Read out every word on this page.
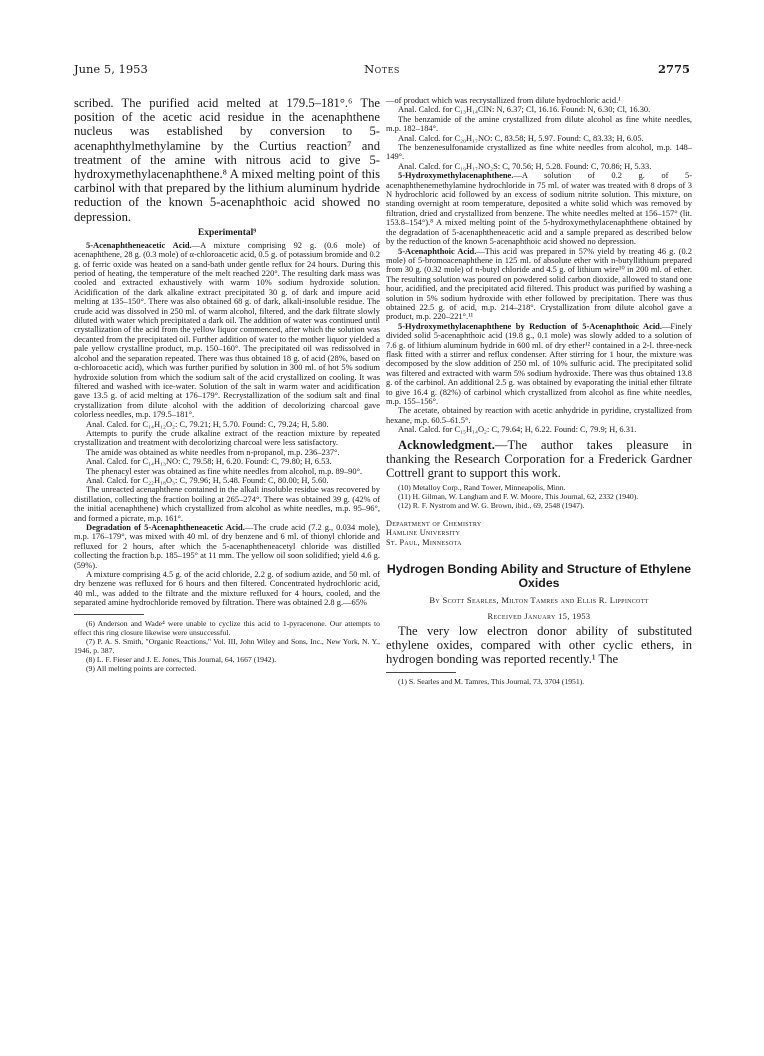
June 5, 1953	Notes	2775

scribed. The purified acid melted at 179.5–181°.⁶ The position of the acetic acid residue in the acenaphthene nucleus was established by conversion to 5-acenaphthylmethylamine by the Curtius reaction⁷ and treatment of the amine with nitrous acid to give 5-hydroxymethylacenaphthene.⁸ A mixed melting point of this carbinol with that prepared by the lithium aluminum hydride reduction of the known 5-acenaphthoic acid showed no depression.

Experimental⁹

5-Acenaphtheneacetic Acid.—A mixture comprising 92 g. (0.6 mole) of acenaphthene, 28 g. (0.3 mole) of α-chloroacetic acid, 0.5 g. of potassium bromide and 0.2 g. of ferric oxide was heated on a sand-bath under gentle reflux for 24 hours. During this period of heating, the temperature of the melt reached 220°. The resulting dark mass was cooled and extracted exhaustively with warm 10% sodium hydroxide solution. Acidification of the dark alkaline extract precipitated 30 g. of dark and impure acid melting at 135–150°. There was also obtained 68 g. of dark, alkali-insoluble residue. The crude acid was dissolved in 250 ml. of warm alcohol, filtered, and the dark filtrate slowly diluted with water which precipitated a dark oil. The addition of water was continued until crystallization of the acid from the yellow liquor commenced, after which the solution was decanted from the precipitated oil. Further addition of water to the mother liquor yielded a pale yellow crystalline product, m.p. 150–160°. The precipitated oil was redissolved in alcohol and the separation repeated. There was thus obtained 18 g. of acid (28%, based on α-chloroacetic acid), which was further purified by solution in 300 ml. of hot 5% sodium hydroxide solution from which the sodium salt of the acid crystallized on cooling. It was filtered and washed with ice-water. Solution of the salt in warm water and acidification gave 13.5 g. of acid melting at 176–179°. Recrystallization of the sodium salt and final crystallization from dilute alcohol with the addition of decolorizing charcoal gave colorless needles, m.p. 179.5–181°.

Anal. Calcd. for C₁₄H₁₂O₂: C, 79.21; H, 5.70. Found: C, 79.24; H, 5.80.

Attempts to purify the crude alkaline extract of the reaction mixture by repeated crystallization and treatment with decolorizing charcoal were less satisfactory.

The amide was obtained as white needles from n-propanol, m.p. 236–237°.

Anal. Calcd. for C₁₄H₁₃NO: C, 79.58; H, 6.20. Found: C, 79.80; H, 6.53.

The phenacyl ester was obtained as fine white needles from alcohol, m.p. 89–90°.

Anal. Calcd. for C₂₂H₁₈O₃: C, 79.96; H, 5.48. Found: C, 80.00; H, 5.60.

The unreacted acenaphthene contained in the alkali insoluble residue was recovered by distillation, collecting the fraction boiling at 265–274°. There was obtained 39 g. (42% of the initial acenaphthene) which crystallized from alcohol as white needles, m.p. 95–96°, and formed a picrate, m.p. 161°.

Degradation of 5-Acenaphtheneacetic Acid.—The crude acid (7.2 g., 0.034 mole), m.p. 176–179°, was mixed with 40 ml. of dry benzene and 6 ml. of thionyl chloride and refluxed for 2 hours, after which the 5-acenaphtheneacetyl chloride was distilled collecting the fraction b.p. 185–195° at 11 mm. The yellow oil soon solidified; yield 4.6 g. (59%).

A mixture comprising 4.5 g. of the acid chloride, 2.2 g. of sodium azide, and 50 ml. of dry benzene was refluxed for 6 hours and then filtered. Concentrated hydrochloric acid, 40 ml., was added to the filtrate and the mixture refluxed for 4 hours, cooled, and the separated amine hydrochloride removed by filtration. There was obtained 2.8 g.—65%

(6) Anderson and Wade⁴ were unable to cyclize this acid to 1-pyracenone. Our attempts to effect this ring closure likewise were unsuccessful.

(7) P. A. S. Smith, "Organic Reactions," Vol. III, John Wiley and Sons, Inc., New York, N. Y., 1946, p. 387.

(8) L. F. Fieser and J. E. Jones, This Journal, 64, 1667 (1942).

(9) All melting points are corrected.

—of product which was recrystallized from dilute hydrochloric acid.¹

Anal. Calcd. for C₁₃H₁₄ClN: N, 6.37; Cl, 16.16. Found: N, 6.30; Cl, 16.30.

The benzamide of the amine crystallized from dilute alcohol as fine white needles, m.p. 182–184°.

Anal. Calcd. for C₂₀H₁₇NO: C, 83.58; H, 5.97. Found: C, 83.33; H, 6.05.

The benzenesulfonamide crystallized as fine white needles from alcohol, m.p. 148–149°.

Anal. Calcd. for C₁₉H₁₇NO₂S: C, 70.56; H, 5.28. Found: C, 70.86; H, 5.33.

5-Hydroxymethylacenaphthene.—A solution of 0.2 g. of 5-acenaphthenemethylamine hydrochloride in 75 ml. of water was treated with 8 drops of 3 N hydrochloric acid followed by an excess of sodium nitrite solution. This mixture, on standing overnight at room temperature, deposited a white solid which was removed by filtration, dried and crystallized from benzene. The white needles melted at 156–157° (lit. 153.8–154°).⁸ A mixed melting point of the 5-hydroxymethylacenaphthene obtained by the degradation of 5-acenaphtheneacetic acid and a sample prepared as described below by the reduction of the known 5-acenaphthoic acid showed no depression.

5-Acenaphthoic Acid.—This acid was prepared in 57% yield by treating 46 g. (0.2 mole) of 5-bromoacenaphthene in 125 ml. of absolute ether with n-butyllithium prepared from 30 g. (0.32 mole) of n-butyl chloride and 4.5 g. of lithium wire¹⁰ in 200 ml. of ether. The resulting solution was poured on powdered solid carbon dioxide, allowed to stand one hour, acidified, and the precipitated acid filtered. This product was purified by washing a solution in 5% sodium hydroxide with ether followed by precipitation. There was thus obtained 22.5 g. of acid, m.p. 214–218°. Crystallization from dilute alcohol gave a product, m.p. 220–221°.¹¹

5-Hydroxymethylacenaphthene by Reduction of 5-Acenaphthoic Acid.—Finely divided solid 5-acenaphthoic acid (19.8 g., 0.1 mole) was slowly added to a solution of 7.6 g. of lithium aluminum hydride in 600 ml. of dry ether¹² contained in a 2-l. three-neck flask fitted with a stirrer and reflux condenser. After stirring for 1 hour, the mixture was decomposed by the slow addition of 250 ml. of 10% sulfuric acid. The precipitated solid was filtered and extracted with warm 5% sodium hydroxide. There was thus obtained 13.8 g. of the carbinol. An additional 2.5 g. was obtained by evaporating the initial ether filtrate to give 16.4 g. (82%) of carbinol which crystallized from alcohol as fine white needles, m.p. 155–156°.

The acetate, obtained by reaction with acetic anhydride in pyridine, crystallized from hexane, m.p. 60.5–61.5°.

Anal. Calcd. for C₁₅H₁₄O₂: C, 79.64; H, 6.22. Found: C, 79.9; H, 6.31.

Acknowledgment.—The author takes pleasure in thanking the Research Corporation for a Frederick Gardner Cottrell grant to support this work.

(10) Metalloy Corp., Rand Tower, Minneapolis, Minn.

(11) H. Gilman, W. Langham and F. W. Moore, This Journal, 62, 2332 (1940).

(12) R. F. Nystrom and W. G. Brown, ibid., 69, 2548 (1947).

Department of Chemistry
Hamline University
St. Paul, Minnesota
Hydrogen Bonding Ability and Structure of Ethylene Oxides
By Scott Searles, Milton Tamres and Ellis R. Lippincott
Received January 15, 1953

The very low electron donor ability of substituted ethylene oxides, compared with other cyclic ethers, in hydrogen bonding was reported recently.¹ The

(1) S. Searles and M. Tamres, This Journal, 73, 3704 (1951).
